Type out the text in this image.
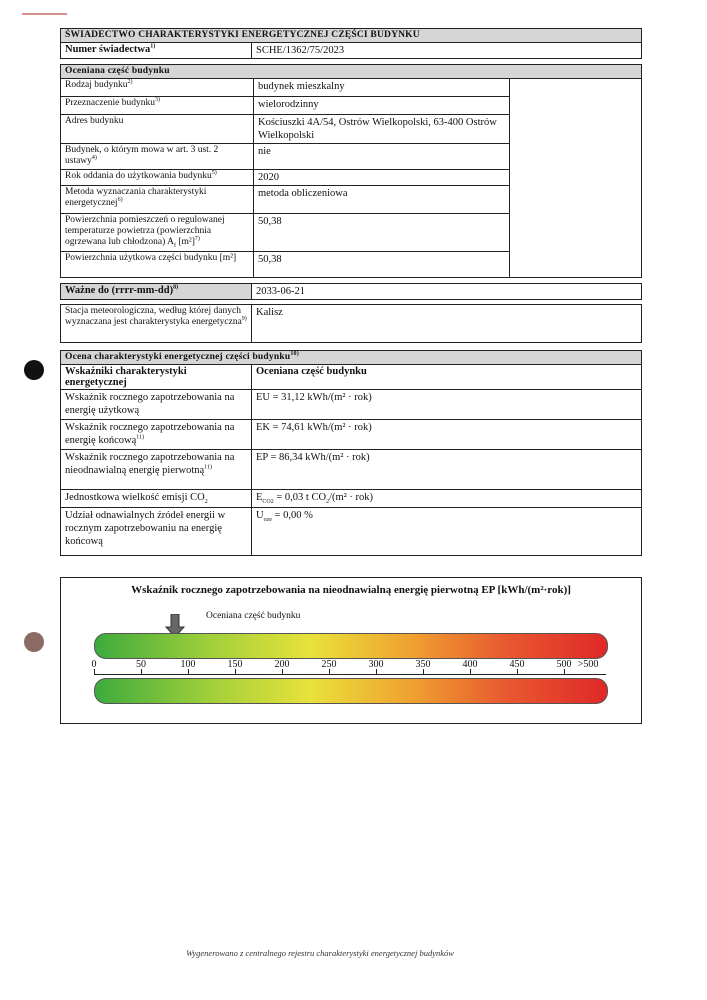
ŚWIADECTWO CHARAKTERYSTYKI ENERGETYCZNEJ CZĘŚCI BUDYNKU
Numer świadectwa$^{1)}$	SCHE/1362/75/2023
Oceniana część budynku		
Rodzaj budynku$^{2)}$	budynek mieszkalny	

Przeznaczenie budynku$^{3)}$	wielorodzinny	
Adres budynku	Kościuszki 4A/54, Ostrów Wielkopolski, 63-400 Ostrów Wielkopolski	
Budynek, o którym mowa w art. 3 ust. 2 ustawy$^{4)}$	nie	
Rok oddania do użytkowania budynku$^{5)}$	2020	
Metoda wyznaczania charakterystyki energetycznej$^{6)}$	metoda obliczeniowa	
Powierzchnia pomieszczeń o regulowanej temperaturze powietrza (powierzchnia ogrzewana lub chłodzona) $A_f$ $[m^2]^{7)}$	50,38	
Powierzchnia użytkowa części budynku [m²]	50,38	
Ważne do (rrrr-mm-dd)$^{8)}$	2033-06-21

Stacja meteorologiczna, według której danych wyznaczana jest charakterystyka energetyczna$^{9)}$	Kalisz
Ocena charakterystyki energetycznej części budynku$^{10)}$
Wskaźniki charakterystyki energetycznej	Oceniana część budynku
Wskaźnik rocznego zapotrzebowania na energię użytkową	EU = 31,12 kWh/(m² · rok)
Wskaźnik rocznego zapotrzebowania na energię końcową$^{11)}$	EK = 74,61 kWh/(m² · rok)
Wskaźnik rocznego zapotrzebowania na nieodnawialną energię pierwotną$^{11)}$	EP = 86,34 kWh/(m² · rok)
Jednostkowa wielkość emisji $CO_2$	$E_{CO2} = 0,03$ t $CO_2/(m^2 \cdot rok)$
Udział odnawialnych źródeł energii w rocznym zapotrzebowaniu na energię końcową	$U_{oze} = 0,00$ %
Wskaźnik rocznego zapotrzebowania na nieodnawialną energię pierwotną EP [kWh/(m²·rok)]
Oceniana część budynku
0	50	100	150	200	250	300	350	400	450	500 >500
Wygenerowano z centralnego rejestru charakterystyki energetycznej budynków
